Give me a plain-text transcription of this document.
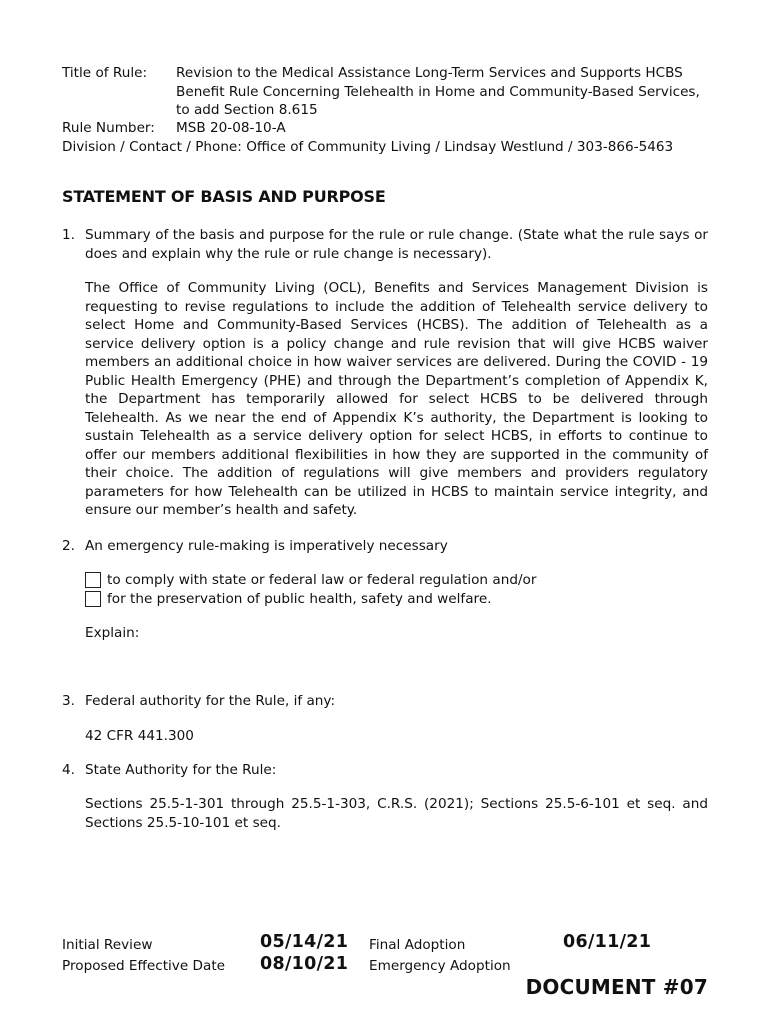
Title of Rule: Revision to the Medical Assistance Long-Term Services and Supports HCBS Benefit Rule Concerning Telehealth in Home and Community-Based Services, to add Section 8.615
Rule Number: MSB 20-08-10-A
Division / Contact / Phone: Office of Community Living / Lindsay Westlund / 303-866-5463
STATEMENT OF BASIS AND PURPOSE
1. Summary of the basis and purpose for the rule or rule change. (State what the rule says or does and explain why the rule or rule change is necessary).
The Office of Community Living (OCL), Benefits and Services Management Division is requesting to revise regulations to include the addition of Telehealth service delivery to select Home and Community-Based Services (HCBS). The addition of Telehealth as a service delivery option is a policy change and rule revision that will give HCBS waiver members an additional choice in how waiver services are delivered. During the COVID - 19 Public Health Emergency (PHE) and through the Department’s completion of Appendix K, the Department has temporarily allowed for select HCBS to be delivered through Telehealth. As we near the end of Appendix K’s authority, the Department is looking to sustain Telehealth as a service delivery option for select HCBS, in efforts to continue to offer our members additional flexibilities in how they are supported in the community of their choice. The addition of regulations will give members and providers regulatory parameters for how Telehealth can be utilized in HCBS to maintain service integrity, and ensure our member’s health and safety.
2. An emergency rule-making is imperatively necessary
to comply with state or federal law or federal regulation and/or
for the preservation of public health, safety and welfare.
Explain:
3. Federal authority for the Rule, if any:
42 CFR 441.300
4. State Authority for the Rule:
Sections 25.5-1-301 through 25.5-1-303, C.R.S. (2021); Sections 25.5-6-101 et seq. and Sections 25.5-10-101 et seq.
Initial Review	05/14/21 Final Adoption	06/11/21
Proposed Effective Date 08/10/21 Emergency Adoption
DOCUMENT #07
